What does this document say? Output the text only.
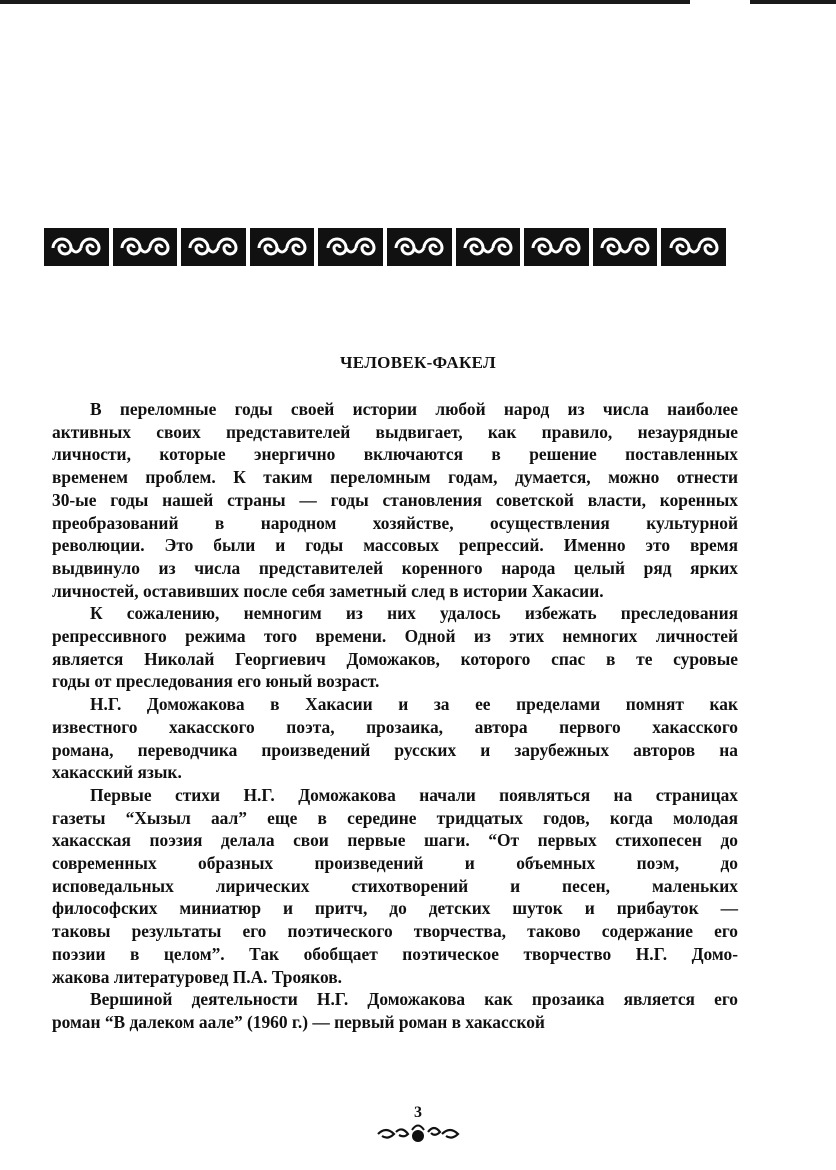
ЧЕЛОВЕК-ФАКЕЛ
В переломные годы своей истории любой народ из числа наиболее
активных своих представителей выдвигает, как правило, незаурядные
личности, которые энергично включаются в решение поставленных
временем проблем. К таким переломным годам, думается, можно отнести
30-ые годы нашей страны — годы становления советской власти, коренных
преобразований в народном хозяйстве, осуществления культурной
революции. Это были и годы массовых репрессий. Именно это время
выдвинуло из числа представителей коренного народа целый ряд ярких
личностей, оставивших после себя заметный след в истории Хакасии.
К сожалению, немногим из них удалось избежать преследования
репрессивного режима того времени. Одной из этих немногих личностей
является Николай Георгиевич Доможаков, которого спас в те суровые
годы от преследования его юный возраст.
Н.Г. Доможакова в Хакасии и за ее пределами помнят как
известного хакасского поэта, прозаика, автора первого хакасского
романа, переводчика произведений русских и зарубежных авторов на
хакасский язык.
Первые стихи Н.Г. Доможакова начали появляться на страницах
газеты “Хызыл аал” еще в середине тридцатых годов, когда молодая
хакасская поэзия делала свои первые шаги. “От первых стихопесен до
современных образных произведений и объемных поэм, до
исповедальных лирических стихотворений и песен, маленьких
философских миниатюр и притч, до детских шуток и прибауток —
таковы результаты его поэтического творчества, таково содержание его
поэзии в целом”. Так обобщает поэтическое творчество Н.Г. Домо-
жакова литературовед П.А. Трояков.
Вершиной деятельности Н.Г. Доможакова как прозаика является его
роман “В далеком аале” (1960 г.) — первый роман в хакасской
3
